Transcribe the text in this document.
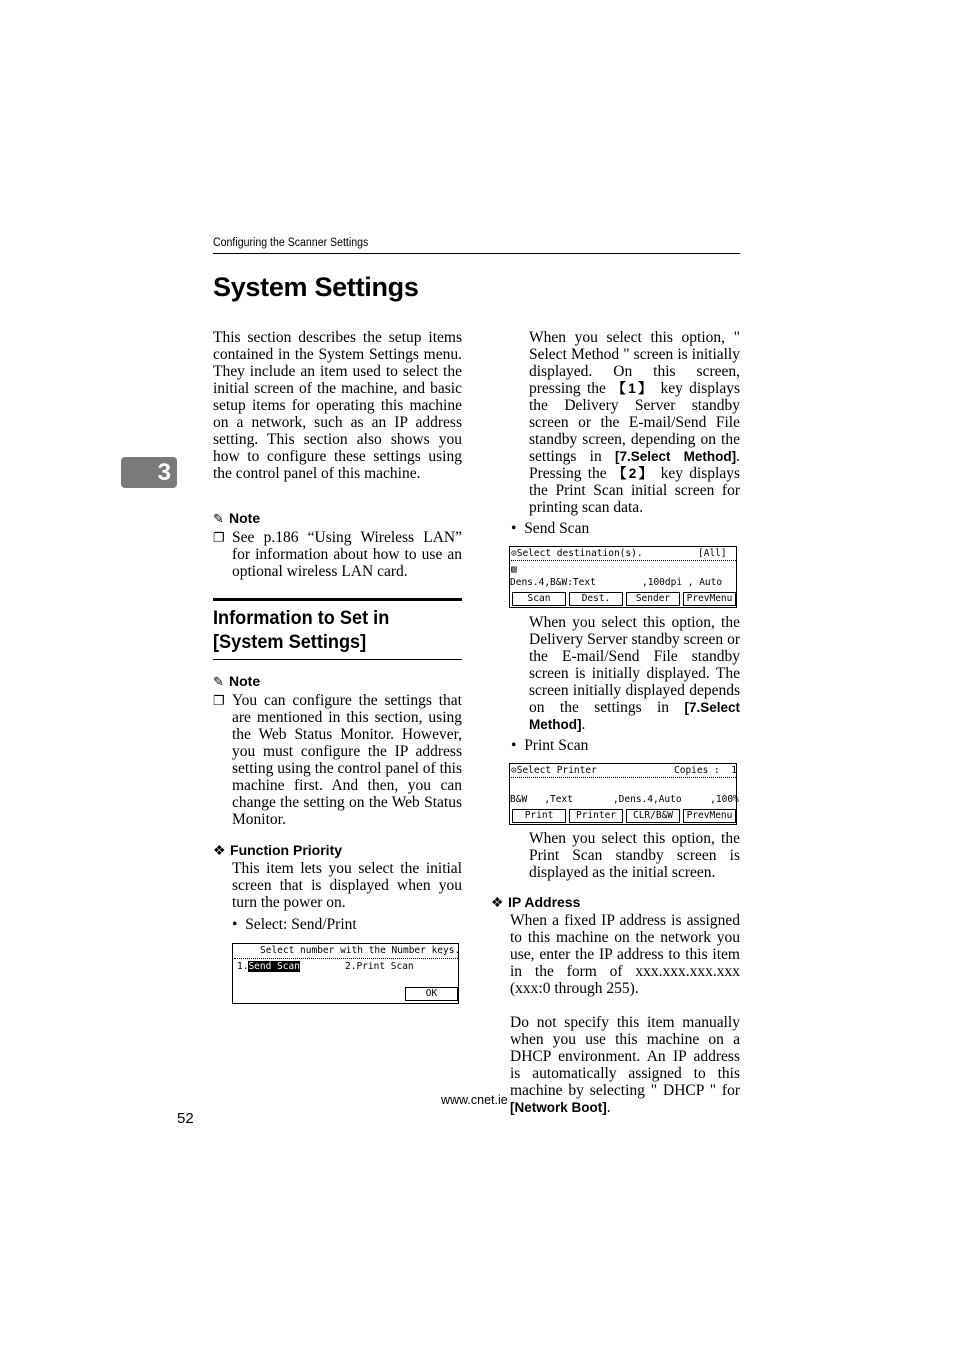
Configuring the Scanner Settings
System Settings
3
This section describes the setup items contained in the System Settings menu. They include an item used to select the initial screen of the machine, and basic setup items for operating this machine on a network, such as an IP address setting. This section also shows you how to configure these settings using the control panel of this machine.
✎ Note
❐ See p.186 “Using Wireless LAN” for information about how to use an optional wireless LAN card.
Information to Set in [System Settings]
✎ Note
❐ You can configure the settings that are mentioned in this section, using the Web Status Monitor. However, you must configure the IP address setting using the control panel of this machine first. And then, you can change the setting on the Web Status Monitor.
❖ Function Priority
This item lets you select the initial screen that is displayed when you turn the power on.
• Select: Send/Print
Select number with the Number keys.
1.Send Scan	2.Print Scan
OK
When you select this option, " Select Method " screen is initially displayed. On this screen, pressing the 【1】 key displays the Delivery Server standby screen or the E-mail/Send File standby screen, depending on the settings in [7.Select Method]. Pressing the 【2】 key displays the Print Scan initial screen for printing scan data.
• Send Scan
⊙Select destination(s).	[All]
▨
Dens.4,B&W:Text	,100dpi , Auto
Scan	Dest.	Sender	PrevMenu
When you select this option, the Delivery Server standby screen or the E-mail/Send File standby screen is initially displayed. The screen initially displayed depends on the settings in [7.Select Method].
• Print Scan
⊙Select Printer	Copies :  1
B&W   ,Text       ,Dens.4,Auto     ,100%
Print	Printer	CLR/B&W	PrevMenu
When you select this option, the Print Scan standby screen is displayed as the initial screen.
❖ IP Address
When a fixed IP address is assigned to this machine on the network you use, enter the IP address to this item in the form of xxx.xxx.xxx.xxx (xxx:0 through 255).
Do not specify this item manually when you use this machine on a DHCP environment. An IP address is automatically assigned to this machine by selecting " DHCP " for [Network Boot].
www.cnet.ie
52
